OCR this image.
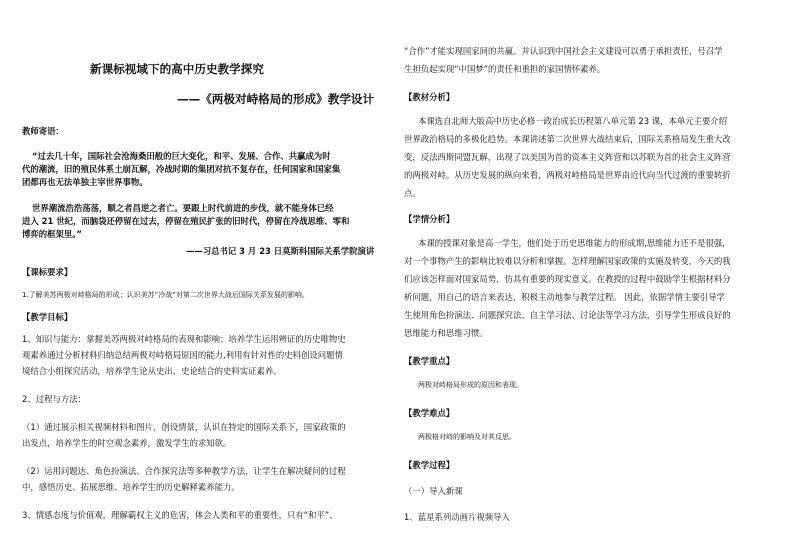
新课标视域下的高中历史教学探究
——《两极对峙格局的形成》教学设计
教师寄语：
“过去几十年，国际社会沧海桑田般的巨大变化，和平、发展、合作、共赢成为时
代的潮流，旧的殖民体系土崩瓦解，冷战时期的集团对抗不复存在，任何国家和国家集
团都再也无法单独主宰世界事物。
世界潮流浩浩荡荡，顺之者昌逆之者亡。要跟上时代前进的步伐，就不能身体已经
进入 21 世纪，而脑袋还停留在过去，停留在殖民扩张的旧时代，停留在冷战思维、零和
博弈的框架里。”
——习总书记 3 月 23 日莫斯科国际关系学院演讲
【课标要求】
1.了解美苏两极对峙格局的形成；认识美苏“冷战”对第二次世界大战后国际关系发展的影响。
【教学目标】
1、知识与能力：掌握美苏两极对峙格局的表现和影响；培养学生运用辨证的历史唯物史
观素养通过分析材料归纳总结两极对峙格局原因的能力,利用有针对性的史料创设问题情
境结合小组探究活动，培养学生论从史出、史论结合的史料实证素养。
2、过程与方法：
（1）通过展示相关视频材料和图片，创设情景，认识在特定的国际关系下，国家政策的
出发点，培养学生的时空观念素养，激发学生的求知欲。
（2）运用问题达、角色扮演法、合作探究法等多种教学方法，让学生在解决疑问的过程
中，感悟历史、拓展思维、培养学生的历史解释素养能力。
3、情感态度与价值观，理解霸权主义的危害，体会人类和平的重要性，只有“和平”、
“合作”才能实现国家间的共赢。并认识到中国社会主义建设可以勇于承担责任，号召学
生担负起实现“中国梦”的责任和重担的家国情怀素养。
【教材分析】
本课选自北师大版高中历史必修一政治成长历程第八单元第 23 课，本单元主要介绍
世界政治格局的多极化趋势。本课讲述第二次世界大战结束后，国际关系格局发生重大改
变，反法西斯同盟瓦解，出现了以美国为首的资本主义阵营和以苏联为首的社会主义阵营
的两极对峙。从历史发展的纵向来看，两极对峙格局是世界由近代向当代过渡的重要转折
点。
【学情分析】
本课的授课对象是高一学生，他们处于历史思维能力的形成期,思维能力还不是很强，
对一个事物产生的影响比较难以分析和掌握。怎样理解国家政策的实施及转变，今天的我
们应该怎样面对国家局势，仿具有重要的现实意义。在教授的过程中鼓励学生根据材料分
析问题，用自己的语言来表达，积极主动地参与教学过程。 因此，依据学情主要引导学
生使用角色扮演法、问题探究法、自主学习法、讨论法等学习方法，引导学生形成良好的
思维能力和思维习惯。
【教学重点】
两极对峙格局形成的原因和表现。
【教学难点】
两极格对峙的影响及对其反思。
【教学过程】
（一）导入新课
1、蓝星系列动画片视频导入
